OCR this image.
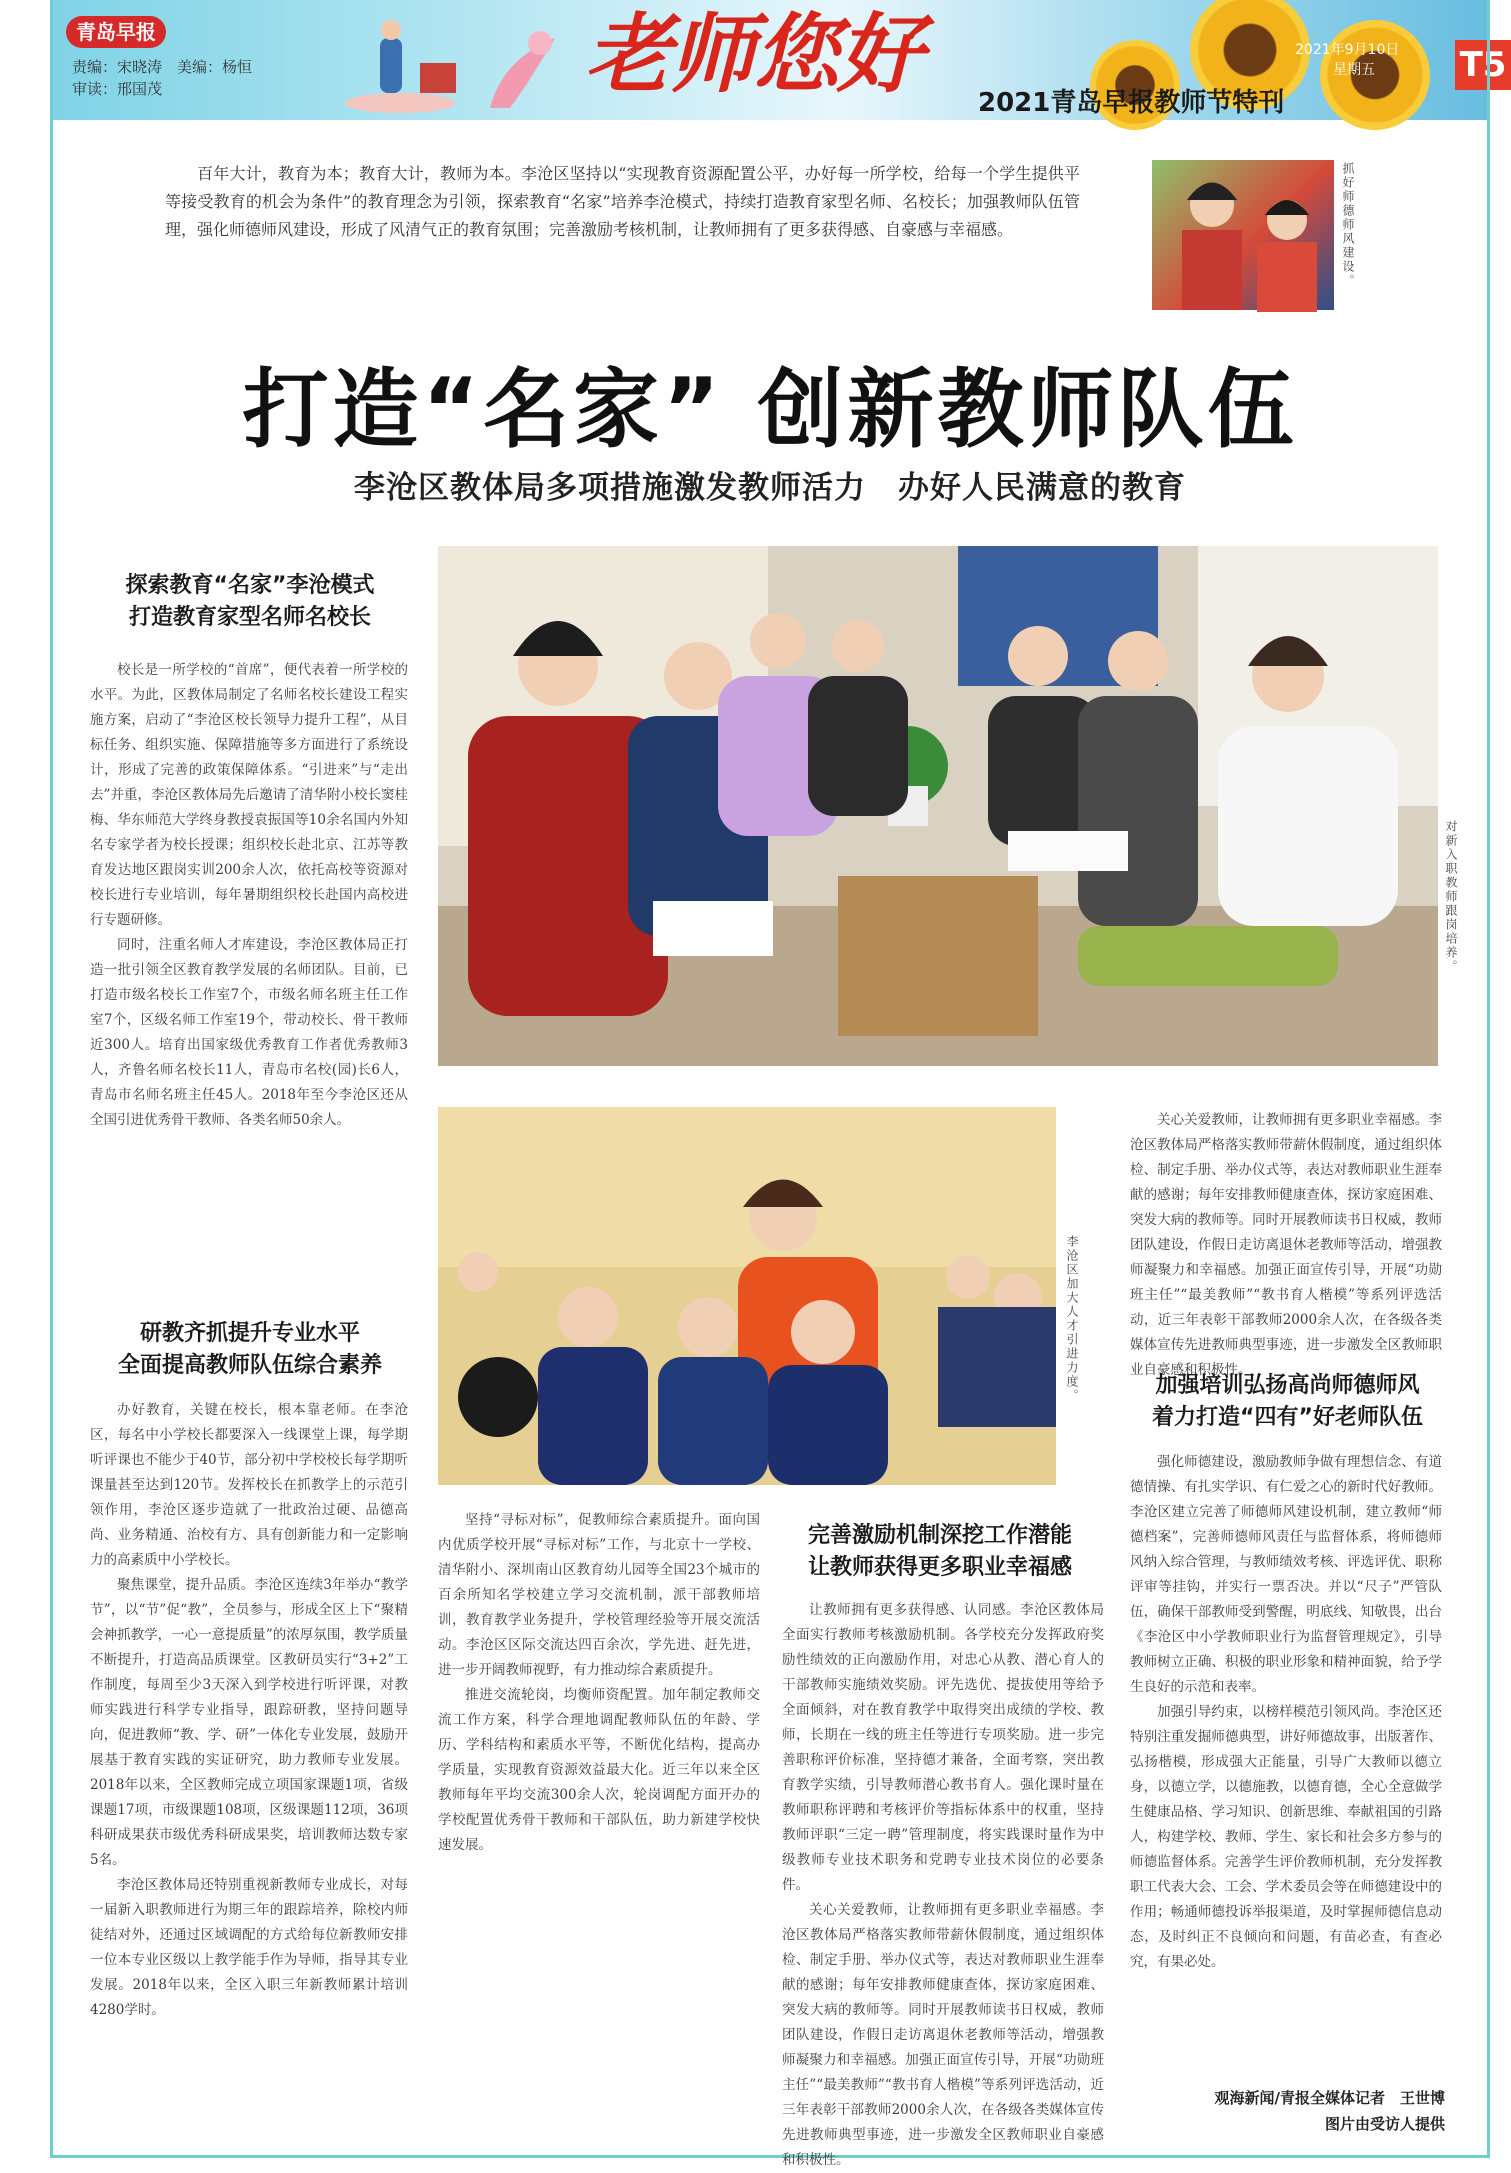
青岛早报
责编：宋晓涛　美编：杨恒
审读：邢国茂	老师您好 2021青岛早报教师节特刊
2021年9月10日
星期五	T5
百年大计，教育为本；教育大计，教师为本。李沧区坚持以“实现教育资源配置公平，办好每一所学校，给每一个学生提供平等接受教育的机会为条件”的教育理念为引领，探索教育“名家”培养李沧模式，持续打造教育家型名师、名校长；加强教师队伍管理，强化师德师风建设，形成了风清气正的教育氛围；完善激励考核机制，让教师拥有了更多获得感、自豪感与幸福感。	抓好师德师风建设。
打造“名家” 创新教师队伍
李沧区教体局多项措施激发教师活力　办好人民满意的教育
对新入职教师跟岗培养。
李沧区加大人才引进力度。
探索教育“名家”李沧模式
打造教育家型名师名校长

校长是一所学校的“首席”，便代表着一所学校的水平。为此，区教体局制定了名师名校长建设工程实施方案，启动了“李沧区校长领导力提升工程”，从目标任务、组织实施、保障措施等多方面进行了系统设计，形成了完善的政策保障体系。“引进来”与“走出去”并重，李沧区教体局先后邀请了清华附小校长窦桂梅、华东师范大学终身教授袁振国等10余名国内外知名专家学者为校长授课；组织校长赴北京、江苏等教育发达地区跟岗实训200余人次，依托高校等资源对校长进行专业培训，每年暑期组织校长赴国内高校进行专题研修。

同时，注重名师人才库建设，李沧区教体局正打造一批引领全区教育教学发展的名师团队。目前，已打造市级名校长工作室7个，市级名师名班主任工作室7个，区级名师工作室19个，带动校长、骨干教师近300人。培育出国家级优秀教育工作者优秀教师3人，齐鲁名师名校长11人，青岛市名校(园)长6人，青岛市名师名班主任45人。2018年至今李沧区还从全国引进优秀骨干教师、各类名师50余人。

研教齐抓提升专业水平
全面提高教师队伍综合素养

办好教育，关键在校长，根本靠老师。在李沧区，每名中小学校长都要深入一线课堂上课，每学期听评课也不能少于40节，部分初中学校校长每学期听课量甚至达到120节。发挥校长在抓教学上的示范引领作用，李沧区逐步造就了一批政治过硬、品德高尚、业务精通、治校有方、具有创新能力和一定影响力的高素质中小学校长。

聚焦课堂，提升品质。李沧区连续3年举办“教学节”，以“节”促“教”，全员参与，形成全区上下“聚精会神抓教学，一心一意提质量”的浓厚氛围，教学质量不断提升，打造高品质课堂。区教研员实行“3+2”工作制度，每周至少3天深入到学校进行听评课，对教师实践进行科学专业指导，跟踪研教，坚持问题导向，促进教师“教、学、研”一体化专业发展，鼓励开展基于教育实践的实证研究，助力教师专业发展。2018年以来，全区教师完成立项国家课题1项，省级课题17项，市级课题108项，区级课题112项，36项科研成果获市级优秀科研成果奖，培训教师达数专家5名。

李沧区教体局还特别重视新教师专业成长，对每一届新入职教师进行为期三年的跟踪培养，除校内师徒结对外，还通过区域调配的方式给每位新教师安排一位本专业区级以上教学能手作为导师，指导其专业发展。2018年以来，全区入职三年新教师累计培训4280学时。

坚持“寻标对标”，促教师综合素质提升。面向国内优质学校开展“寻标对标”工作，与北京十一学校、清华附小、深圳南山区教育幼儿园等全国23个城市的百余所知名学校建立学习交流机制，派干部教师培训，教育教学业务提升，学校管理经验等开展交流活动。李沧区区际交流达四百余次，学先进、赶先进，进一步开阔教师视野，有力推动综合素质提升。

推进交流轮岗，均衡师资配置。加年制定教师交流工作方案，科学合理地调配教师队伍的年龄、学历、学科结构和素质水平等，不断优化结构，提高办学质量，实现教育资源效益最大化。近三年以来全区教师每年平均交流300余人次，轮岗调配方面开办的学校配置优秀骨干教师和干部队伍，助力新建学校快速发展。

完善激励机制深挖工作潜能
让教师获得更多职业幸福感

让教师拥有更多获得感、认同感。李沧区教体局全面实行教师考核激励机制。各学校充分发挥政府奖励性绩效的正向激励作用，对忠心从教、潜心育人的干部教师实施绩效奖励。评先选优、提拔使用等给予全面倾斜，对在教育教学中取得突出成绩的学校、教师，长期在一线的班主任等进行专项奖励。进一步完善职称评价标准，坚持德才兼备，全面考察，突出教育教学实绩，引导教师潜心教书育人。强化课时量在教师职称评聘和考核评价等指标体系中的权重，坚持教师评职“三定一聘”管理制度，将实践课时量作为中级教师专业技术职务和党聘专业技术岗位的必要条件。

关心关爱教师，让教师拥有更多职业幸福感。李沧区教体局严格落实教师带薪休假制度，通过组织体检、制定手册、举办仪式等，表达对教师职业生涯奉献的感谢；每年安排教师健康查体，探访家庭困难、突发大病的教师等。同时开展教师读书日权威，教师团队建设，作假日走访离退休老教师等活动，增强教师凝聚力和幸福感。加强正面宣传引导，开展“功勋班主任”“最美教师”“教书育人楷模”等系列评选活动，近三年表彰干部教师2000余人次，在各级各类媒体宣传先进教师典型事迹，进一步激发全区教师职业自豪感和积极性。

关心关爱教师，让教师拥有更多职业幸福感。李沧区教体局严格落实教师带薪休假制度，通过组织体检、制定手册、举办仪式等，表达对教师职业生涯奉献的感谢；每年安排教师健康查体，探访家庭困难、突发大病的教师等。同时开展教师读书日权威，教师团队建设，作假日走访离退休老教师等活动，增强教师凝聚力和幸福感。加强正面宣传引导，开展“功勋班主任”“最美教师”“教书育人楷模”等系列评选活动，近三年表彰干部教师2000余人次，在各级各类媒体宣传先进教师典型事迹，进一步激发全区教师职业自豪感和积极性。

加强培训弘扬高尚师德师风
着力打造“四有”好老师队伍

强化师德建设，激励教师争做有理想信念、有道德情操、有扎实学识、有仁爱之心的新时代好教师。李沧区建立完善了师德师风建设机制，建立教师“师德档案”，完善师德师风责任与监督体系，将师德师风纳入综合管理，与教师绩效考核、评选评优、职称评审等挂钩，并实行一票否决。并以“尺子”严管队伍，确保干部教师受到警醒，明底线、知敬畏，出台《李沧区中小学教师职业行为监督管理规定》，引导教师树立正确、积极的职业形象和精神面貌，给予学生良好的示范和表率。

加强引导约束，以榜样模范引领风尚。李沧区还特别注重发掘师德典型，讲好师德故事，出版著作、弘扬楷模，形成强大正能量，引导广大教师以德立身，以德立学，以德施教，以德育德，全心全意做学生健康品格、学习知识、创新思维、奉献祖国的引路人，构建学校、教师、学生、家长和社会多方参与的师德监督体系。完善学生评价教师机制，充分发挥教职工代表大会、工会、学术委员会等在师德建设中的作用；畅通师德投诉举报渠道，及时掌握师德信息动态，及时纠正不良倾向和问题，有苗必查，有查必究，有果必处。

观海新闻/青报全媒体记者　王世博
图片由受访人提供
